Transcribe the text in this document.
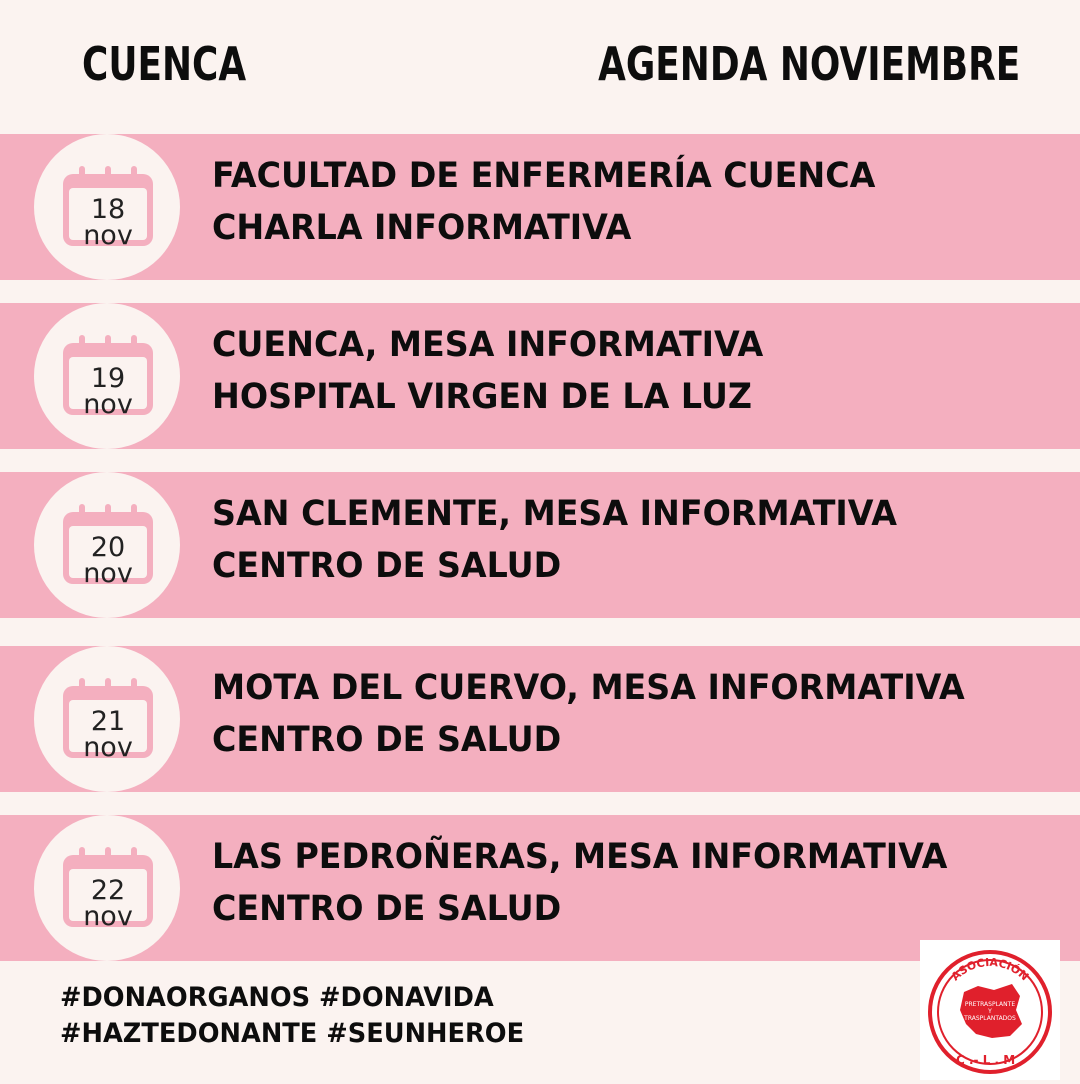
CUENCA	AGENDA NOVIEMBRE
18
nov
FACULTAD DE ENFERMERÍA CUENCA
CHARLA INFORMATIVA
19
nov
CUENCA, MESA INFORMATIVA
HOSPITAL VIRGEN DE LA LUZ
20
nov
SAN CLEMENTE, MESA INFORMATIVA
CENTRO DE SALUD
21
nov
MOTA DEL CUERVO, MESA INFORMATIVA
CENTRO DE SALUD
22
nov
LAS PEDROÑERAS, MESA INFORMATIVA
CENTRO DE SALUD
#DONAORGANOS #DONAVIDA
#HAZTEDONANTE #SEUNHEROE
ASOCIACIÓN
PRETRASPLANTE
Y
TRASPLANTADOS
C .- L . M .
